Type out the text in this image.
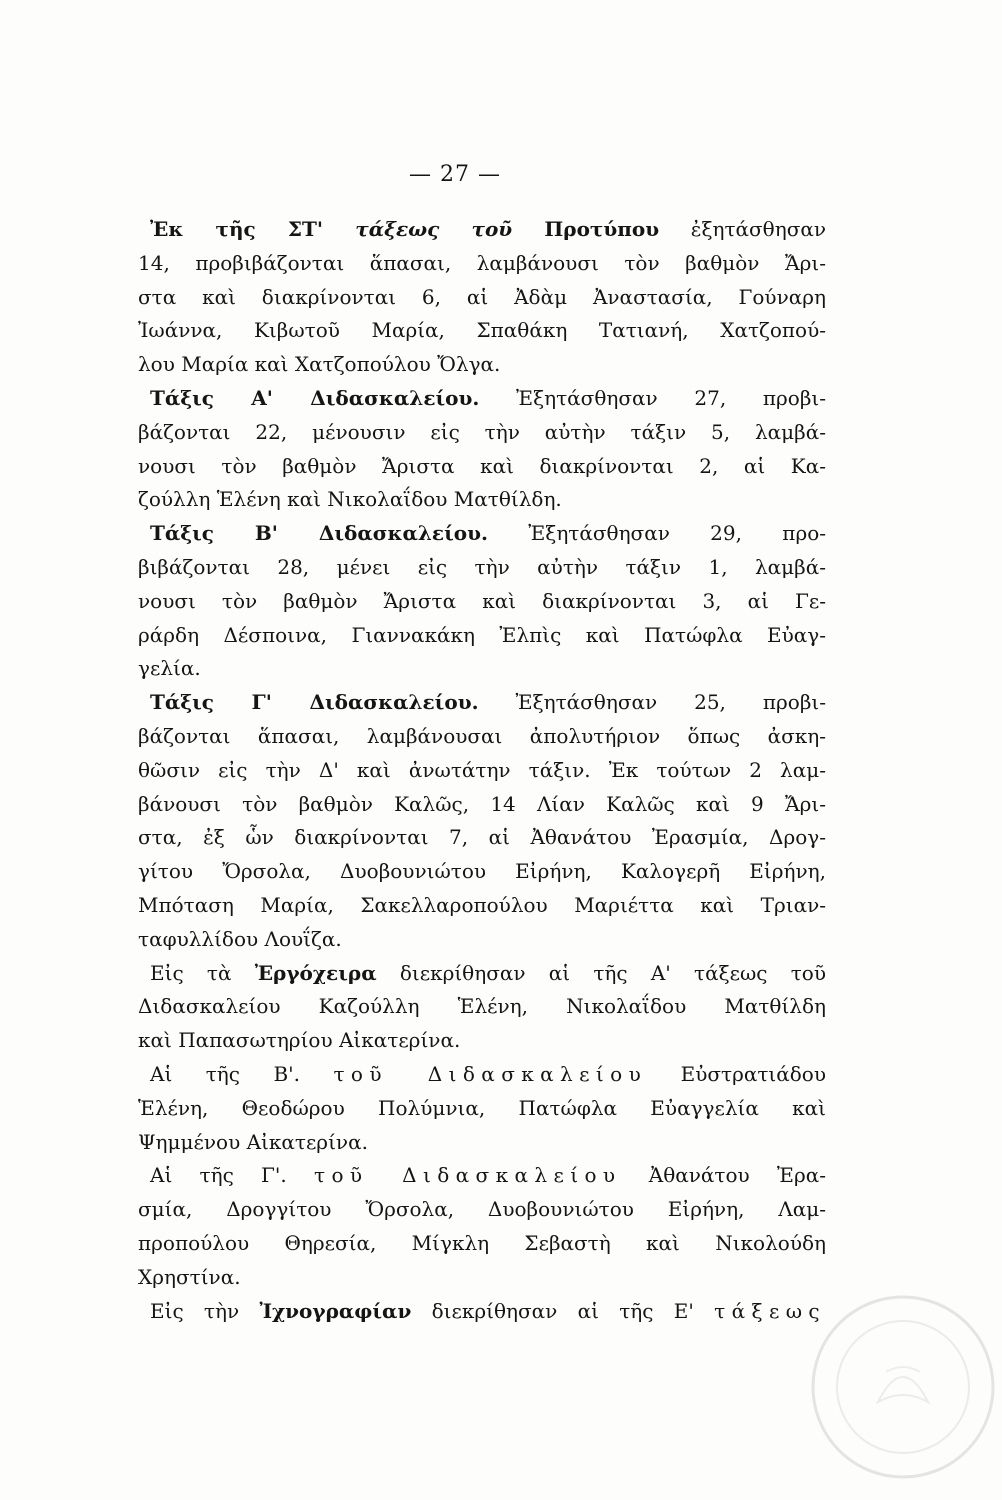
— 27 —
Ἐκ τῆς ΣΤ' τάξεως τοῦ Προτύπου ἐξητάσθησαν
14, προβιβάζονται ἅπασαι, λαμβάνουσι τὸν βαθμὸν Ἄρι-
στα καὶ διακρίνονται 6, αἱ Ἀδὰμ Ἀναστασία, Γούναρη
Ἰωάννα, Κιβωτοῦ Μαρία, Σπαθάκη Τατιανή, Χατζοπού-
λου Μαρία καὶ Χατζοπούλου Ὄλγα.
Τάξις Α' Διδασκαλείου. Ἐξητάσθησαν 27, προβι-
βάζονται 22, μένουσιν εἰς τὴν αὐτὴν τάξιν 5, λαμβά-
νουσι τὸν βαθμὸν Ἄριστα καὶ διακρίνονται 2, αἱ Κα-
ζούλλη Ἑλένη καὶ Νικολαΐδου Ματθίλδη.
Τάξις Β' Διδασκαλείου. Ἐξητάσθησαν 29, προ-
βιβάζονται 28, μένει εἰς τὴν αὐτὴν τάξιν 1, λαμβά-
νουσι τὸν βαθμὸν Ἄριστα καὶ διακρίνονται 3, αἱ Γε-
ράρδη Δέσποινα, Γιαννακάκη Ἐλπὶς καὶ Πατώφλα Εὐαγ-
γελία.
Τάξις Γ' Διδασκαλείου. Ἐξητάσθησαν 25, προβι-
βάζονται ἅπασαι, λαμβάνουσαι ἀπολυτήριον ὅπως ἀσκη-
θῶσιν εἰς τὴν Δ' καὶ ἀνωτάτην τάξιν. Ἐκ τούτων 2 λαμ-
βάνουσι τὸν βαθμὸν Καλῶς, 14 Λίαν Καλῶς καὶ 9 Ἄρι-
στα, ἐξ ὧν διακρίνονται 7, αἱ Ἀθανάτου Ἐρασμία, Δρογ-
γίτου Ὄρσολα, Δυοβουνιώτου Εἰρήνη, Καλογερῆ Εἰρήνη,
Μπόταση Μαρία, Σακελλαροπούλου Μαριέττα καὶ Τριαν-
ταφυλλίδου Λουΐζα.
Εἰς τὰ Ἐργόχειρα διεκρίθησαν αἱ τῆς Α' τάξεως τοῦ
Διδασκαλείου Καζούλλη Ἑλένη, Νικολαΐδου Ματθίλδη
καὶ Παπασωτηρίου Αἰκατερίνα.
Αἱ τῆς Β'. τοῦ Διδασκαλείου Εὐστρατιάδου
Ἑλένη, Θεοδώρου Πολύμνια, Πατώφλα Εὐαγγελία καὶ
Ψημμένου Αἰκατερίνα.
Αἱ τῆς Γ'. τοῦ Διδασκαλείου Ἀθανάτου Ἐρα-
σμία, Δρογγίτου Ὄρσολα, Δυοβουνιώτου Εἰρήνη, Λαμ-
προπούλου Θηρεσία, Μίγκλη Σεβαστὴ καὶ Νικολούδη
Χρηστίνα.
Εἰς τὴν Ἰχνογραφίαν διεκρίθησαν αἱ τῆς Ε' τάξεως
